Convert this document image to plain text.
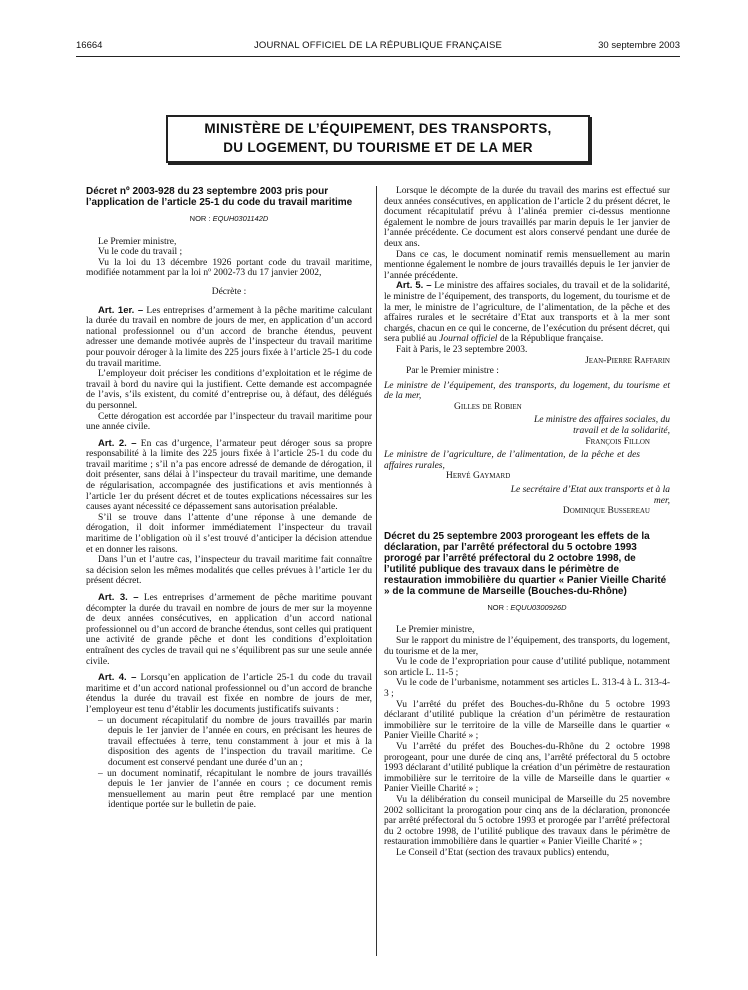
16664	JOURNAL OFFICIEL DE LA RÉPUBLIQUE FRANÇAISE	30 septembre 2003
MINISTÈRE DE L’ÉQUIPEMENT, DES TRANSPORTS,
DU LOGEMENT, DU TOURISME ET DE LA MER

Décret nº 2003-928 du 23 septembre 2003 pris pour l’application de l’article 25-1 du code du travail maritime

NOR : EQUH0301142D

Le Premier ministre,

Vu le code du travail ;

Vu la loi du 13 décembre 1926 portant code du travail maritime, modifiée notamment par la loi nº 2002-73 du 17 janvier 2002,

Décrète :

Art. 1er. – Les entreprises d’armement à la pêche maritime calculant la durée du travail en nombre de jours de mer, en application d’un accord national professionnel ou d’un accord de branche étendus, peuvent adresser une demande motivée auprès de l’inspecteur du travail maritime pour pouvoir déroger à la limite des 225 jours fixée à l’article 25-1 du code du travail maritime.

L’employeur doit préciser les conditions d’exploitation et le régime de travail à bord du navire qui la justifient. Cette demande est accompagnée de l’avis, s’ils existent, du comité d’entreprise ou, à défaut, des délégués du personnel.

Cette dérogation est accordée par l’inspecteur du travail maritime pour une année civile.

Art. 2. – En cas d’urgence, l’armateur peut déroger sous sa propre responsabilité à la limite des 225 jours fixée à l’article 25-1 du code du travail maritime ; s’il n’a pas encore adressé de demande de dérogation, il doit présenter, sans délai à l’inspecteur du travail maritime, une demande de régularisation, accompagnée des justifications et avis mentionnés à l’article 1er du présent décret et de toutes explications nécessaires sur les causes ayant nécessité ce dépassement sans autorisation préalable.

S’il se trouve dans l’attente d’une réponse à une demande de dérogation, il doit informer immédiatement l’inspecteur du travail maritime de l’obligation où il s’est trouvé d’anticiper la décision attendue et en donner les raisons.

Dans l’un et l’autre cas, l’inspecteur du travail maritime fait connaître sa décision selon les mêmes modalités que celles prévues à l’article 1er du présent décret.

Art. 3. – Les entreprises d’armement de pêche maritime pouvant décompter la durée du travail en nombre de jours de mer sur la moyenne de deux années consécutives, en application d’un accord national professionnel ou d’un accord de branche étendus, sont celles qui pratiquent une activité de grande pêche et dont les conditions d’exploitation entraînent des cycles de travail qui ne s’équilibrent pas sur une seule année civile.

Art. 4. – Lorsqu’en application de l’article 25-1 du code du travail maritime et d’un accord national professionnel ou d’un accord de branche étendus la durée du travail est fixée en nombre de jours de mer, l’employeur est tenu d’établir les documents justificatifs suivants :

– un document récapitulatif du nombre de jours travaillés par marin depuis le 1er janvier de l’année en cours, en précisant les heures de travail effectuées à terre, tenu constamment à jour et mis à la disposition des agents de l’inspection du travail maritime. Ce document est conservé pendant une durée d’un an ;

– un document nominatif, récapitulant le nombre de jours travaillés depuis le 1er janvier de l’année en cours ; ce document remis mensuellement au marin peut être remplacé par une mention identique portée sur le bulletin de paie.

Lorsque le décompte de la durée du travail des marins est effectué sur deux années consécutives, en application de l’article 2 du présent décret, le document récapitulatif prévu à l’alinéa premier ci-dessus mentionne également le nombre de jours travaillés par marin depuis le 1er janvier de l’année précédente. Ce document est alors conservé pendant une durée de deux ans.

Dans ce cas, le document nominatif remis mensuellement au marin mentionne également le nombre de jours travaillés depuis le 1er janvier de l’année précédente.

Art. 5. – Le ministre des affaires sociales, du travail et de la solidarité, le ministre de l’équipement, des transports, du logement, du tourisme et de la mer, le ministre de l’agriculture, de l’alimentation, de la pêche et des affaires rurales et le secrétaire d’Etat aux transports et à la mer sont chargés, chacun en ce qui le concerne, de l’exécution du présent décret, qui sera publié au Journal officiel de la République française.

Fait à Paris, le 23 septembre 2003.

Jean-Pierre Raffarin

Par le Premier ministre :

Le ministre de l’équipement, des transports, du logement, du tourisme et de la mer,

Gilles de Robien

Le ministre des affaires sociales, du travail et de la solidarité,

François Fillon

Le ministre de l’agriculture, de l’alimentation, de la pêche et des affaires rurales,

Hervé Gaymard

Le secrétaire d’Etat aux transports et à la mer,

Dominique Bussereau

Décret du 25 septembre 2003 prorogeant les effets de la déclaration, par l’arrêté préfectoral du 5 octobre 1993 prorogé par l’arrêté préfectoral du 2 octobre 1998, de l’utilité publique des travaux dans le périmètre de restauration immobilière du quartier « Panier Vieille Charité » de la commune de Marseille (Bouches-du-Rhône)

NOR : EQUU0300926D

Le Premier ministre,

Sur le rapport du ministre de l’équipement, des transports, du logement, du tourisme et de la mer,

Vu le code de l’expropriation pour cause d’utilité publique, notamment son article L. 11-5 ;

Vu le code de l’urbanisme, notamment ses articles L. 313-4 à L. 313-4-3 ;

Vu l’arrêté du préfet des Bouches-du-Rhône du 5 octobre 1993 déclarant d’utilité publique la création d’un périmètre de restauration immobilière sur le territoire de la ville de Marseille dans le quartier « Panier Vieille Charité » ;

Vu l’arrêté du préfet des Bouches-du-Rhône du 2 octobre 1998 prorogeant, pour une durée de cinq ans, l’arrêté préfectoral du 5 octobre 1993 déclarant d’utilité publique la création d’un périmètre de restauration immobilière sur le territoire de la ville de Marseille dans le quartier « Panier Vieille Charité » ;

Vu la délibération du conseil municipal de Marseille du 25 novembre 2002 sollicitant la prorogation pour cinq ans de la déclaration, prononcée par arrêté préfectoral du 5 octobre 1993 et prorogée par l’arrêté préfectoral du 2 octobre 1998, de l’utilité publique des travaux dans le périmètre de restauration immobilière dans le quartier « Panier Vieille Charité » ;

Le Conseil d’Etat (section des travaux publics) entendu,
